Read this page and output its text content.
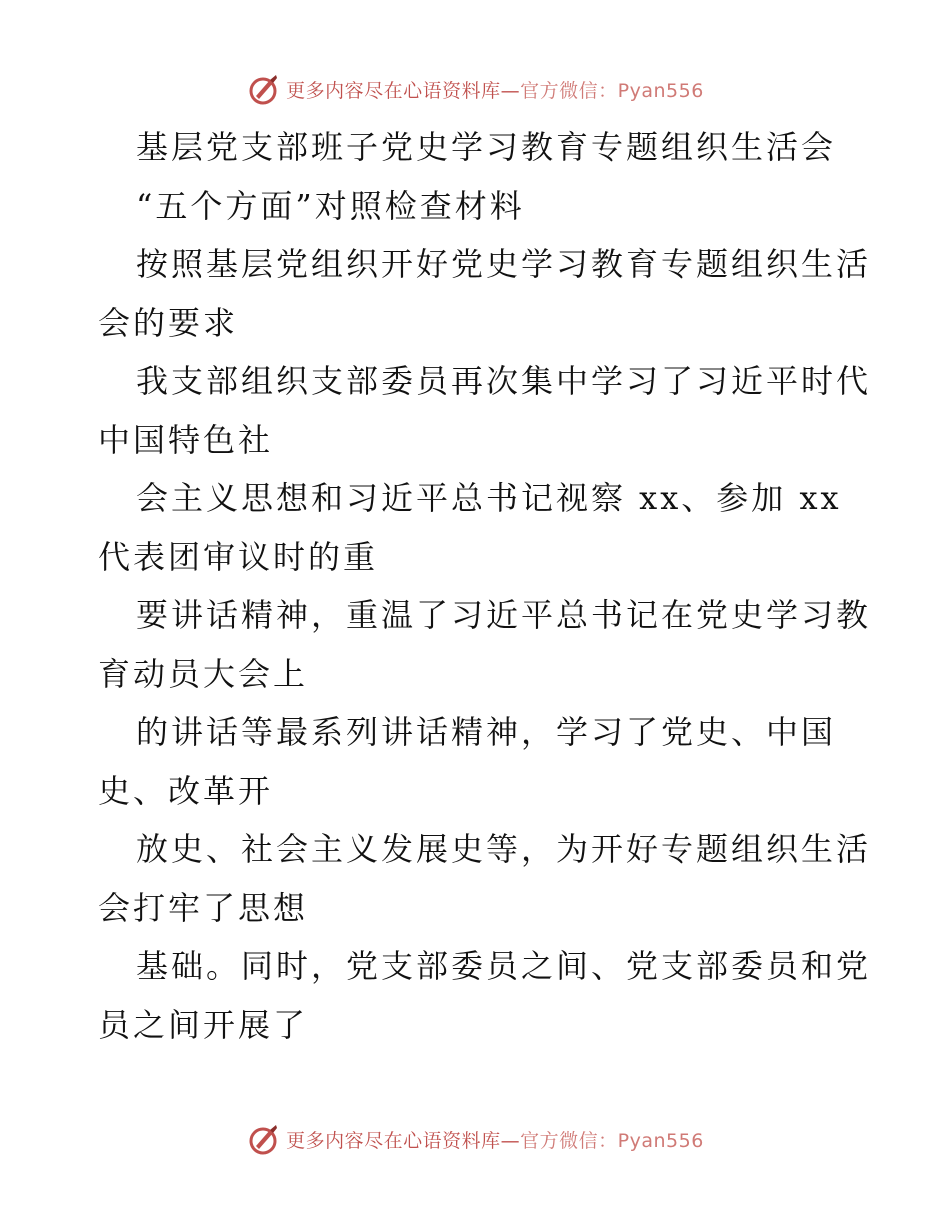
更多内容尽在心语资料库—官方微信：Pyan556
基层党支部班子党史学习教育专题组织生活会
“五个方面”对照检查材料
按照基层党组织开好党史学习教育专题组织生活
会的要求
我支部组织支部委员再次集中学习了习近平时代
中国特色社
会主义思想和习近平总书记视察 xx、参加 xx
代表团审议时的重
要讲话精神，重温了习近平总书记在党史学习教
育动员大会上
的讲话等最系列讲话精神，学习了党史、中国
史、改革开
放史、社会主义发展史等，为开好专题组织生活
会打牢了思想
基础。同时，党支部委员之间、党支部委员和党
员之间开展了
更多内容尽在心语资料库—官方微信：Pyan556
